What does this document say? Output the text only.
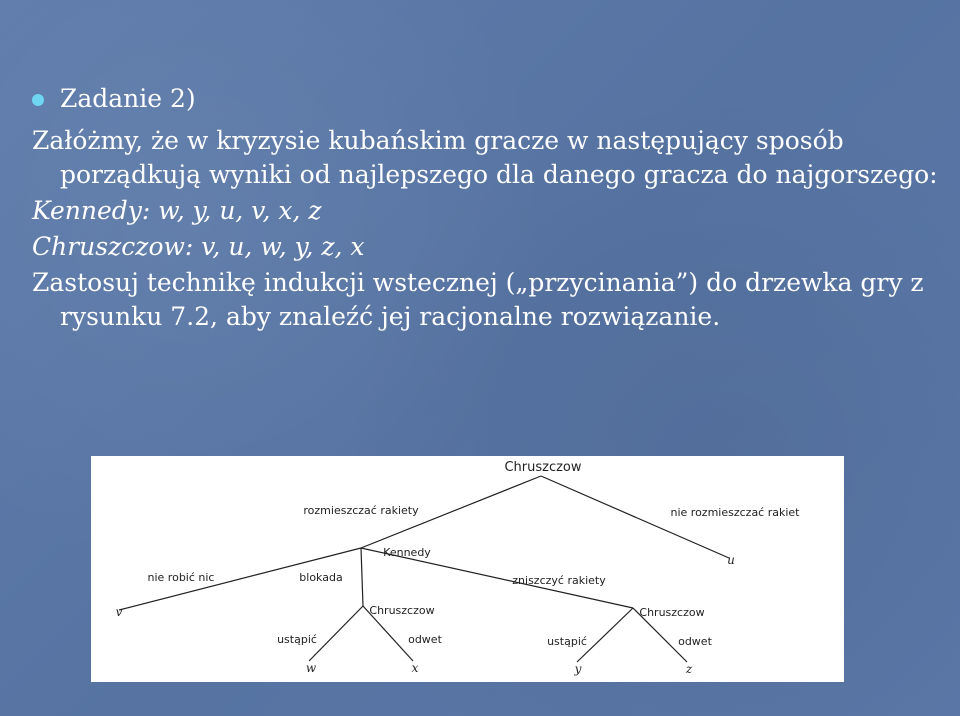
Zadanie 2)

Załóżmy, że w kryzysie kubańskim gracze w następujący sposób porządkują wyniki od najlepszego dla danego gracza do najgorszego:

Kennedy: w, y, u, v, x, z

Chruszczow: v, u, w, y, z, x

Zastosuj technikę indukcji wstecznej („przycinania”) do drzewka gry z rysunku 7.2, aby znaleźć jej racjonalne rozwiązanie.

Chruszczow
rozmieszczać rakiety	nie rozmieszczać rakiet
u
Kennedy
nie robić nic	blokada	zniszczyć rakiety
v	Chruszczow	Chruszczow
ustąpić	odwet	ustąpić	odwet
w	x	y	z
